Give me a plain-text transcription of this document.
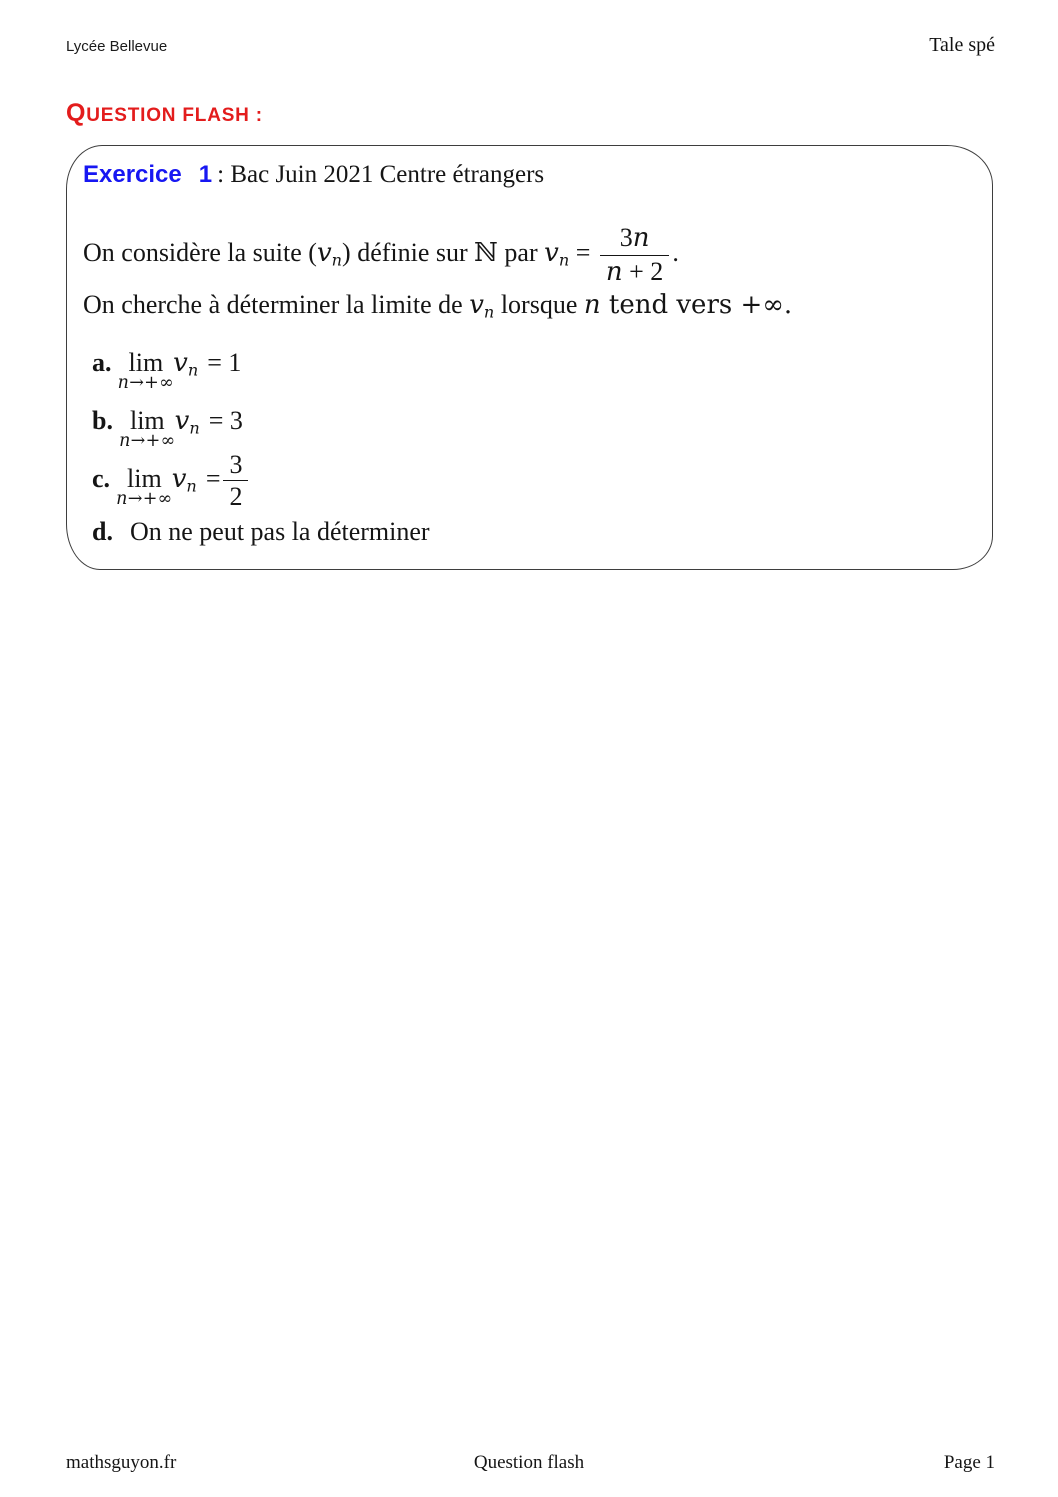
Lycée Bellevue	Tale spé
QUESTION FLASH :
Exercice 1 : Bac Juin 2021 Centre étrangers
On considère la suite (vn) définie sur ℕ par vn = $\frac{3n}{n + 2}$ .
On cherche à déterminer la limite de vn lorsque n tend vers +∞.
a. lim
n→+∞
vn = 1
b. lim
n→+∞
vn = 3
c. lim
n→+∞
vn = $\frac{3}{2}$
d. On ne peut pas la déterminer
mathsguyon.fr	Question flash	Page 1
